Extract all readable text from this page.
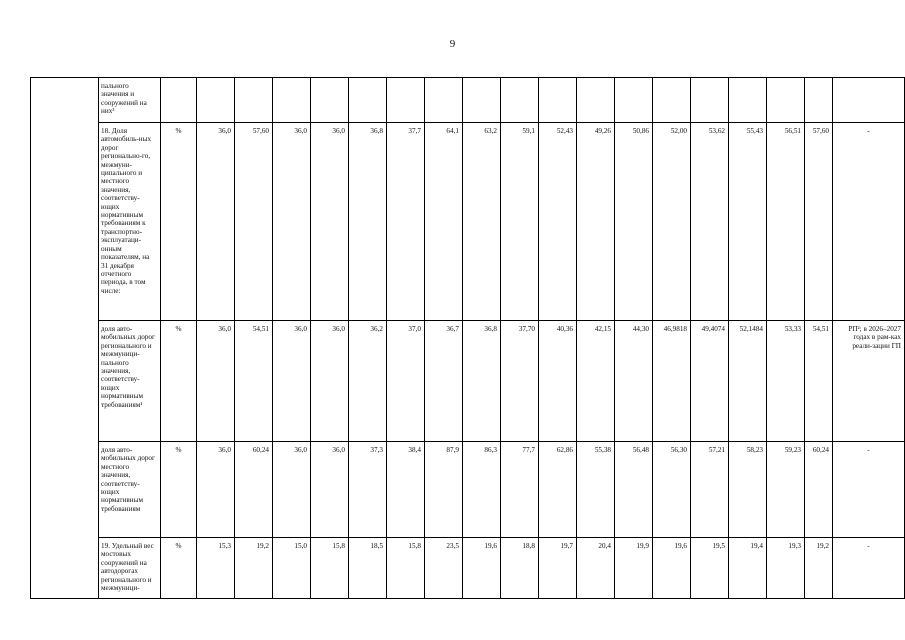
9
	пального значения и сооружений на них³																			
	18. Доля автомобиль-ных дорог регионально-го, межмуни-ципального и местного значения, соответству-ющих нормативным требованиям к транспортно-эксплуатаци-онным показателям, на 31 декабря отчетного периода, в том числе:	%	36,0	57,60	36,0	36,0	36,8	37,7	64,1	63,2	59,1	52,43	49,26	50,86	52,00	53,62	55,43	56,51	57,60	-
	доля авто-мобильных дорог регионального и межмуници-пального значения, соответству-ющих нормативным требованиям¹	%	36,0	54,51	36,0	36,0	36,2	37,0	36,7	36,8	37,70	40,36	42,15	44,30	46,9818	49,4074	52,1484	53,33	54,51	РП²; в 2026–2027 годах в рам-ках реали-зации ГП
	доля авто-мобильных дорог местного значения, соответству-ющих нормативным требованиям	%	36,0	60,24	36,0	36,0	37,3	38,4	87,9	86,3	77,7	62,86	55,38	56,48	56,30	57,21	58,23	59,23	60,24	-
	19. Удельный вес мостовых сооружений на автодорогах регионального и межмуници-	%	15,3	19,2	15,0	15,8	18,5	15,8	23,5	19,6	18,8	19,7	20,4	19,9	19,6	19,5	19,4	19,3	19,2	-
